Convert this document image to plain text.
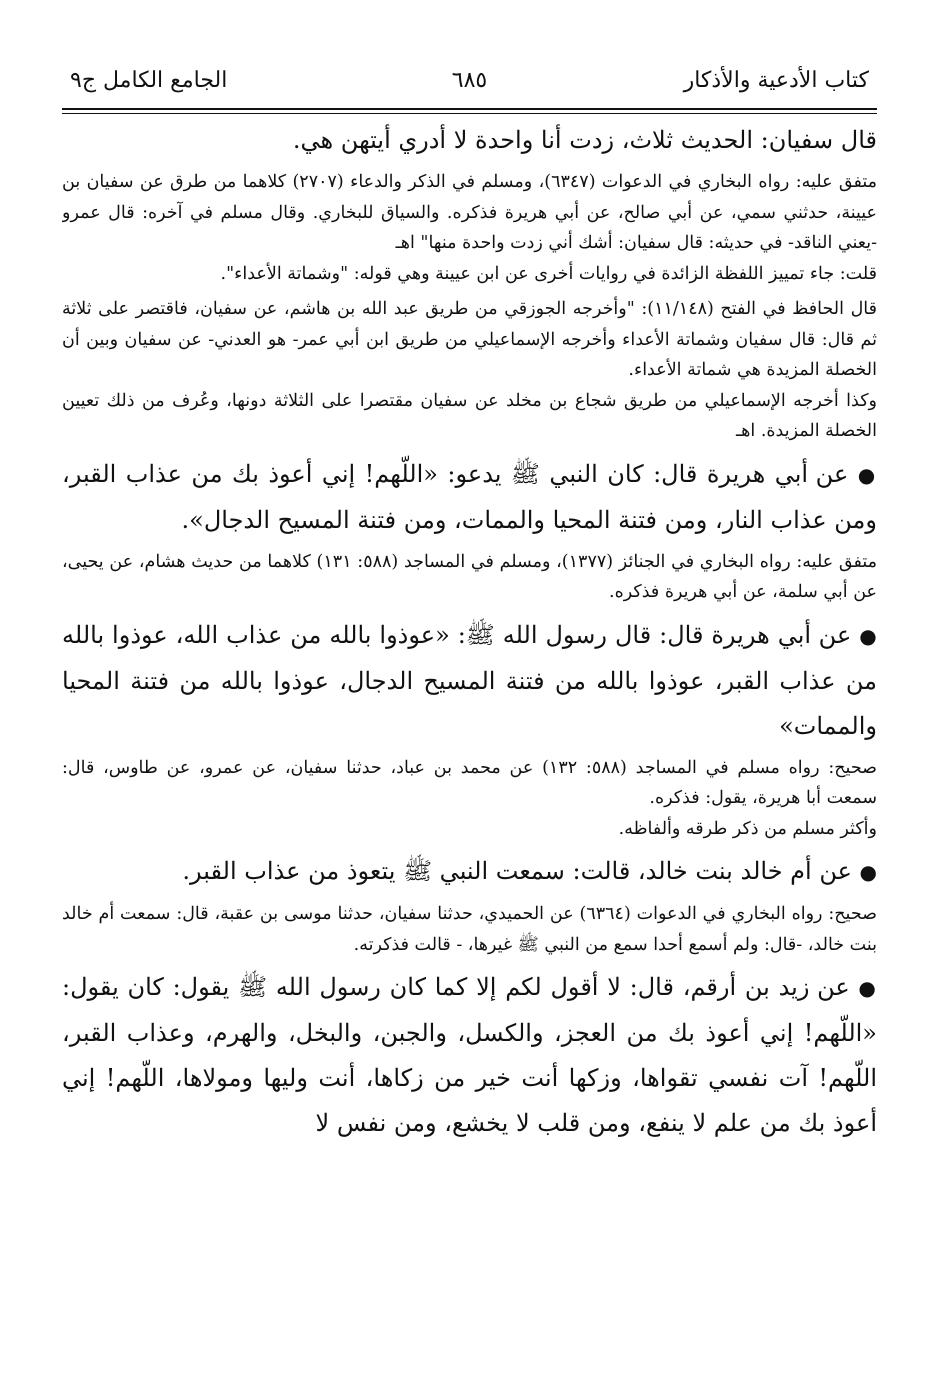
كتاب الأدعية والأذكار
٦٨٥
الجامع الكامل ج٩

قال سفيان: الحديث ثلاث، زدت أنا واحدة لا أدري أيتهن هي.

متفق عليه: رواه البخاري في الدعوات (٦٣٤٧)، ومسلم في الذكر والدعاء (٢٧٠٧) كلاهما من طرق عن سفيان بن عيينة، حدثني سمي، عن أبي صالح، عن أبي هريرة فذكره. والسياق للبخاري. وقال مسلم في آخره: قال عمرو -يعني الناقد- في حديثه: قال سفيان: أشك أني زدت واحدة منها" اهـ

قلت: جاء تمييز اللفظة الزائدة في روايات أخرى عن ابن عيينة وهي قوله: "وشماتة الأعداء".

قال الحافظ في الفتح (١١/١٤٨): "وأخرجه الجوزقي من طريق عبد الله بن هاشم، عن سفيان، فاقتصر على ثلاثة ثم قال: قال سفيان وشماتة الأعداء وأخرجه الإسماعيلي من طريق ابن أبي عمر- هو العدني- عن سفيان وبين أن الخصلة المزيدة هي شماتة الأعداء.

وكذا أخرجه الإسماعيلي من طريق شجاع بن مخلد عن سفيان مقتصرا على الثلاثة دونها، وعُرف من ذلك تعيين الخصلة المزيدة. اهـ

● عن أبي هريرة قال: كان النبي ﷺ يدعو: «اللّهم! إني أعوذ بك من عذاب القبر، ومن عذاب النار، ومن فتنة المحيا والممات، ومن فتنة المسيح الدجال».

متفق عليه: رواه البخاري في الجنائز (١٣٧٧)، ومسلم في المساجد (٥٨٨: ١٣١) كلاهما من حديث هشام، عن يحيى، عن أبي سلمة، عن أبي هريرة فذكره.

● عن أبي هريرة قال: قال رسول الله ﷺ: «عوذوا بالله من عذاب الله، عوذوا بالله من عذاب القبر، عوذوا بالله من فتنة المسيح الدجال، عوذوا بالله من فتنة المحيا والممات»

صحيح: رواه مسلم في المساجد (٥٨٨: ١٣٢) عن محمد بن عباد، حدثنا سفيان، عن عمرو، عن طاوس، قال: سمعت أبا هريرة، يقول: فذكره.

وأكثر مسلم من ذكر طرقه وألفاظه.

● عن أم خالد بنت خالد، قالت: سمعت النبي ﷺ يتعوذ من عذاب القبر.

صحيح: رواه البخاري في الدعوات (٦٣٦٤) عن الحميدي، حدثنا سفيان، حدثنا موسى بن عقبة، قال: سمعت أم خالد بنت خالد، -قال: ولم أسمع أحدا سمع من النبي ﷺ غيرها، - قالت فذكرته.

● عن زيد بن أرقم، قال: لا أقول لكم إلا كما كان رسول الله ﷺ يقول: كان يقول: «اللّهم! إني أعوذ بك من العجز، والكسل، والجبن، والبخل، والهرم، وعذاب القبر، اللّهم! آت نفسي تقواها، وزكها أنت خير من زكاها، أنت وليها ومولاها، اللّهم! إني أعوذ بك من علم لا ينفع، ومن قلب لا يخشع، ومن نفس لا
